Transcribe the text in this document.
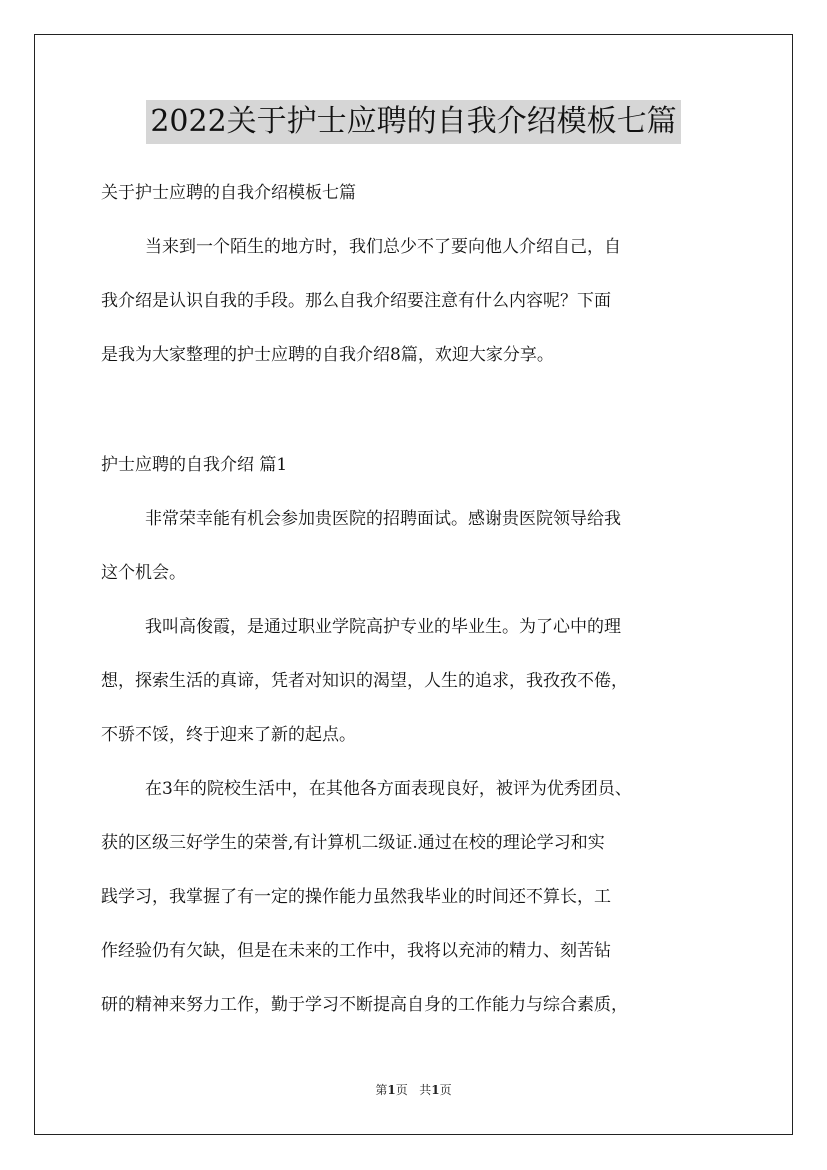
2022关于护士应聘的自我介绍模板七篇
关于护士应聘的自我介绍模板七篇
当来到一个陌生的地方时，我们总少不了要向他人介绍自己，自
我介绍是认识自我的手段。那么自我介绍要注意有什么内容呢？下面
是我为大家整理的护士应聘的自我介绍8篇，欢迎大家分享。
护士应聘的自我介绍 篇1
非常荣幸能有机会参加贵医院的招聘面试。感谢贵医院领导给我
这个机会。
我叫高俊霞，是通过职业学院高护专业的毕业生。为了心中的理
想，探索生活的真谛，凭者对知识的渴望，人生的追求，我孜孜不倦，
不骄不馁，终于迎来了新的起点。
在3年的院校生活中，在其他各方面表现良好，被评为优秀团员、
获的区级三好学生的荣誉,有计算机二级证.通过在校的理论学习和实
践学习，我掌握了有一定的操作能力虽然我毕业的时间还不算长，工
作经验仍有欠缺，但是在未来的工作中，我将以充沛的精力、刻苦钻
研的精神来努力工作，勤于学习不断提高自身的工作能力与综合素质，
第1页 共1页
